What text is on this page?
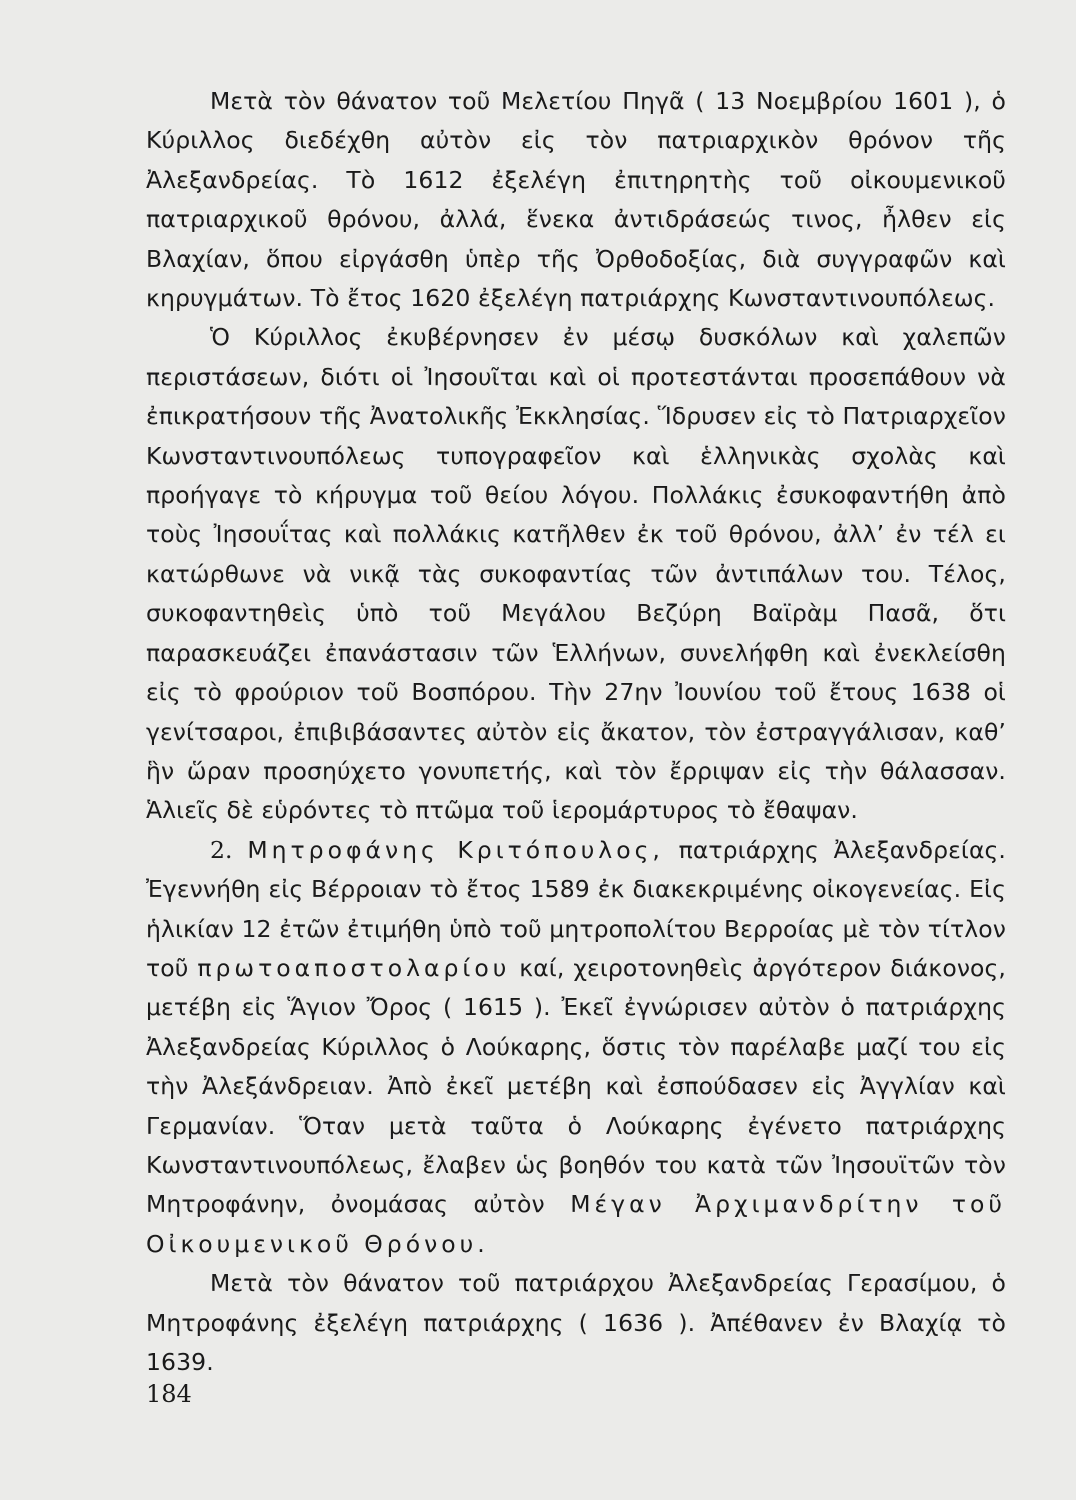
Μετὰ τὸν θάνατον τοῦ Μελετίου Πηγᾶ ( 13 Νοεμβρίου 1601 ), ὁ Κύριλλος διεδέχθη αὐτὸν εἰς τὸν πατριαρχικὸν θρόνον τῆς Ἀλεξανδρείας. Τὸ 1612 ἐξελέγη ἐπιτηρητὴς τοῦ οἰκουμενικοῦ πατριαρχικοῦ θρόνου, ἀλλά, ἕνεκα ἀντιδράσεώς τινος, ἦλθεν εἰς Βλαχίαν, ὅπου εἰργάσθη ὑπὲρ τῆς Ὀρθοδοξίας, διὰ συγγραφῶν καὶ κηρυγμάτων. Τὸ ἔτος 1620 ἐξελέγη πατριάρχης Κωνσταντινουπόλεως.

Ὁ Κύριλλος ἐκυβέρνησεν ἐν μέσῳ δυσκόλων καὶ χαλεπῶν περιστάσεων, διότι οἱ Ἰησουῖται καὶ οἱ προτεστάνται προσεπάθουν νὰ ἐπικρατήσουν τῆς Ἀνατολικῆς Ἐκκλησίας. Ἵδρυσεν εἰς τὸ Πατριαρχεῖον Κωνσταντινουπόλεως τυπογραφεῖον καὶ ἑλληνικὰς σχολὰς καὶ προήγαγε τὸ κήρυγμα τοῦ θείου λόγου. Πολλάκις ἐσυκοφαντήθη ἀπὸ τοὺς Ἰησουΐτας καὶ πολλάκις κατῆλθεν ἐκ τοῦ θρόνου, ἀλλ’ ἐν τέλ ει κατώρθωνε νὰ νικᾷ τὰς συκοφαντίας τῶν ἀντιπάλων του. Τέλος, συκοφαντηθεὶς ὑπὸ τοῦ Μεγάλου Βεζύρη Βαϊρὰμ Πασᾶ, ὅτι παρασκευάζει ἐπανάστασιν τῶν Ἑλλήνων, συνελήφθη καὶ ἐνεκλείσθη εἰς τὸ φρούριον τοῦ Βοσπόρου. Τὴν 27ην Ἰουνίου τοῦ ἔτους 1638 οἱ γενίτσαροι, ἐπιβιβάσαντες αὐτὸν εἰς ἄκατον, τὸν ἐστραγγάλισαν, καθ’ ἣν ὥραν προσηύχετο γονυπετής, καὶ τὸν ἔρριψαν εἰς τὴν θάλασσαν. Ἁλιεῖς δὲ εὑρόντες τὸ πτῶμα τοῦ ἱερομάρτυρος τὸ ἔθαψαν.

2. Μητροφάνης Κριτόπουλος, πατριάρχης Ἀλεξανδρείας. Ἐγεννήθη εἰς Βέρροιαν τὸ ἔτος 1589 ἐκ διακεκριμένης οἰκογενείας. Εἰς ἡλικίαν 12 ἐτῶν ἐτιμήθη ὑπὸ τοῦ μητροπολίτου Βερροίας μὲ τὸν τίτλον τοῦ πρωτοαποστολαρίου καί, χειροτονηθεὶς ἀργότερον διάκονος, μετέβη εἰς Ἅγιον Ὄρος ( 1615 ). Ἐκεῖ ἐγνώρισεν αὐτὸν ὁ πατριάρχης Ἀλεξανδρείας Κύριλλος ὁ Λούκαρης, ὅστις τὸν παρέλαβε μαζί του εἰς τὴν Ἀλεξάνδρειαν. Ἀπὸ ἐκεῖ μετέβη καὶ ἐσπούδασεν εἰς Ἀγγλίαν καὶ Γερμανίαν. Ὅταν μετὰ ταῦτα ὁ Λούκαρης ἐγένετο πατριάρχης Κωνσταντινουπόλεως, ἔλαβεν ὡς βοηθόν του κατὰ τῶν Ἰησουϊτῶν τὸν Μητροφάνην, ὀνομάσας αὐτὸν Μέγαν Ἀρχιμανδρίτην τοῦ Οἰκουμενικοῦ Θρόνου.

Μετὰ τὸν θάνατον τοῦ πατριάρχου Ἀλεξανδρείας Γερασίμου, ὁ Μητροφάνης ἐξελέγη πατριάρχης ( 1636 ). Ἀπέθανεν ἐν Βλαχίᾳ τὸ 1639.

184
